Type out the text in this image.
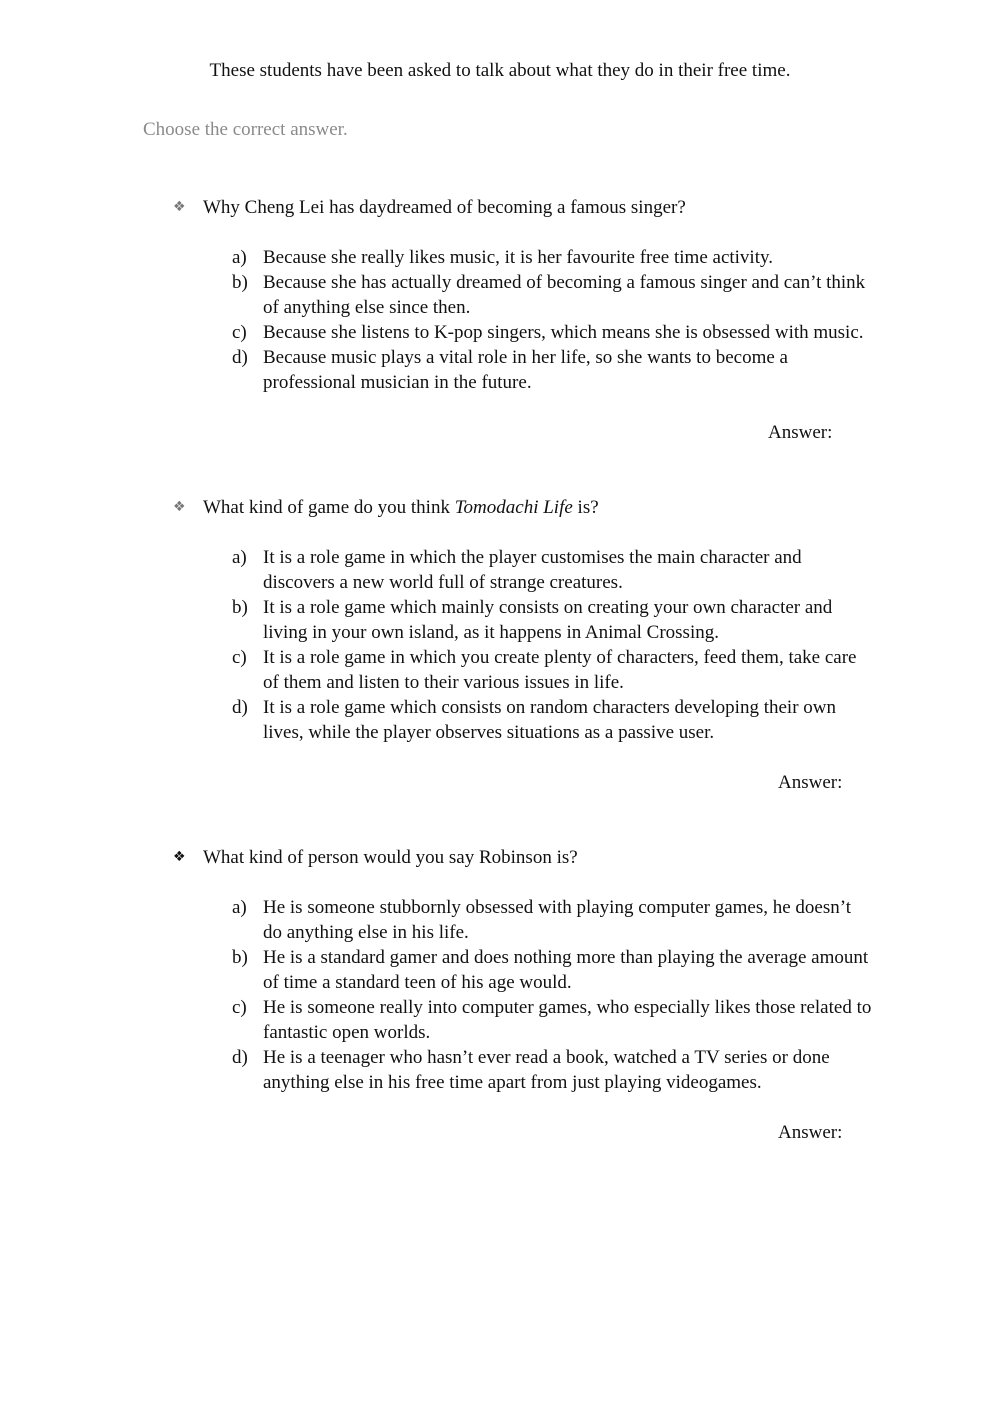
These students have been asked to talk about what they do in their free time.
Choose the correct answer.
❖ Why Cheng Lei has daydreamed of becoming a famous singer?
a) Because she really likes music, it is her favourite free time activity.
b) Because she has actually dreamed of becoming a famous singer and can’t think of anything else since then.
c) Because she listens to K-pop singers, which means she is obsessed with music.
d) Because music plays a vital role in her life, so she wants to become a professional musician in the future.
Answer:
❖ What kind of game do you think Tomodachi Life is?
a) It is a role game in which the player customises the main character and discovers a new world full of strange creatures.
b) It is a role game which mainly consists on creating your own character and living in your own island, as it happens in Animal Crossing.
c) It is a role game in which you create plenty of characters, feed them, take care of them and listen to their various issues in life.
d) It is a role game which consists on random characters developing their own lives, while the player observes situations as a passive user.
Answer:
❖ What kind of person would you say Robinson is?
a) He is someone stubbornly obsessed with playing computer games, he doesn’t do anything else in his life.
b) He is a standard gamer and does nothing more than playing the average amount of time a standard teen of his age would.
c) He is someone really into computer games, who especially likes those related to fantastic open worlds.
d) He is a teenager who hasn’t ever read a book, watched a TV series or done anything else in his free time apart from just playing videogames.
Answer:
